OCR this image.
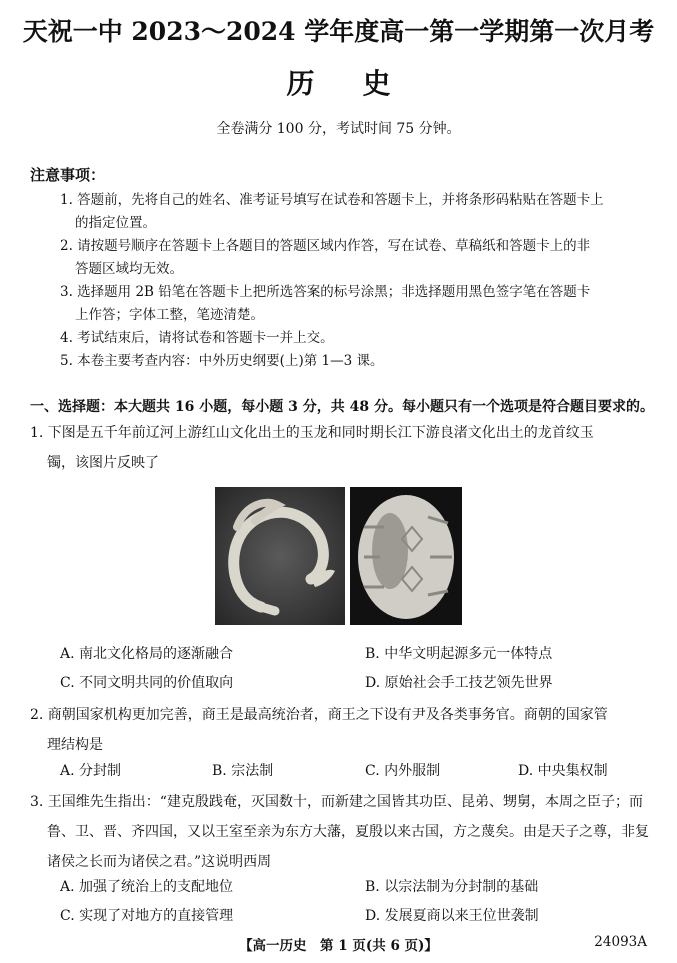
天祝一中 2023～2024 学年度高一第一学期第一次月考
历史
全卷满分 100 分，考试时间 75 分钟。
注意事项：
1. 答题前，先将自己的姓名、准考证号填写在试卷和答题卡上，并将条形码粘贴在答题卡上
的指定位置。
2. 请按题号顺序在答题卡上各题目的答题区域内作答，写在试卷、草稿纸和答题卡上的非
答题区域均无效。
3. 选择题用 2B 铅笔在答题卡上把所选答案的标号涂黑；非选择题用黑色签字笔在答题卡
上作答；字体工整，笔迹清楚。
4. 考试结束后，请将试卷和答题卡一并上交。
5. 本卷主要考查内容：中外历史纲要(上)第 1—3 课。
一、选择题：本大题共 16 小题，每小题 3 分，共 48 分。每小题只有一个选项是符合题目要求的。
1. 下图是五千年前辽河上游红山文化出土的玉龙和同时期长江下游良渚文化出土的龙首纹玉
镯，该图片反映了
A. 南北文化格局的逐渐融合	B. 中华文明起源多元一体特点
C. 不同文明共同的价值取向	D. 原始社会手工技艺领先世界
2. 商朝国家机构更加完善，商王是最高统治者，商王之下设有尹及各类事务官。商朝的国家管
理结构是
A. 分封制	B. 宗法制	C. 内外服制	D. 中央集权制
3. 王国维先生指出：“建克殷践奄，灭国数十，而新建之国皆其功臣、昆弟、甥舅，本周之臣子；而
鲁、卫、晋、齐四国，又以王室至亲为东方大藩，夏殷以来古国，方之蔑矣。由是天子之尊，非复
诸侯之长而为诸侯之君。”这说明西周
A. 加强了统治上的支配地位	B. 以宗法制为分封制的基础
C. 实现了对地方的直接管理	D. 发展夏商以来王位世袭制
【高一历史　第 1 页(共 6 页)】	24093A
